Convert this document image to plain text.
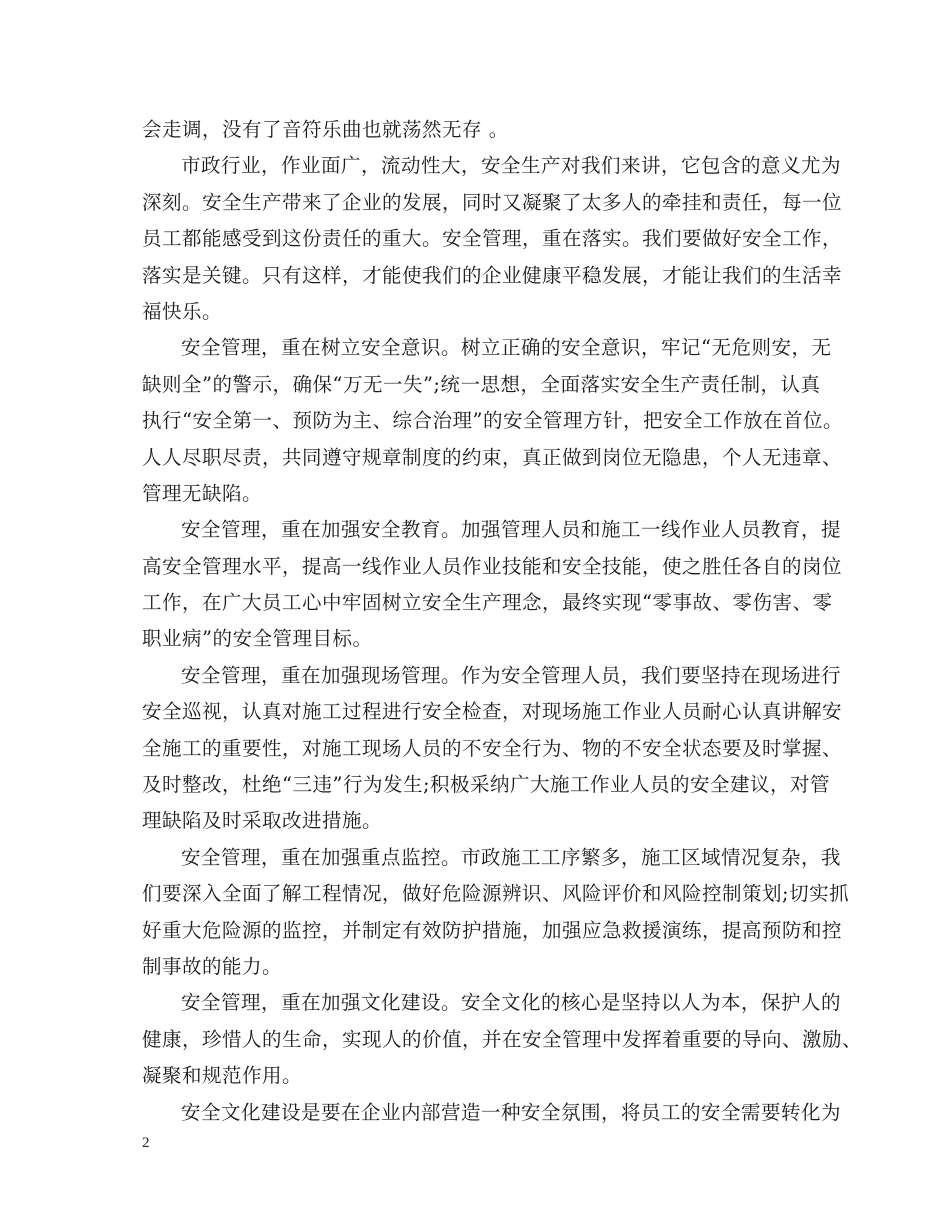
会走调，没有了音符乐曲也就荡然无存 。
市政行业，作业面广，流动性大，安全生产对我们来讲，它包含的意义尤为
深刻。安全生产带来了企业的发展，同时又凝聚了太多人的牵挂和责任，每一位
员工都能感受到这份责任的重大。安全管理，重在落实。我们要做好安全工作，
落实是关键。只有这样，才能使我们的企业健康平稳发展，才能让我们的生活幸
福快乐。
安全管理，重在树立安全意识。树立正确的安全意识，牢记“无危则安，无
缺则全”的警示，确保“万无一失”;统一思想，全面落实安全生产责任制，认真
执行“安全第一、预防为主、综合治理”的安全管理方针，把安全工作放在首位。
人人尽职尽责，共同遵守规章制度的约束，真正做到岗位无隐患，个人无违章、
管理无缺陷。
安全管理，重在加强安全教育。加强管理人员和施工一线作业人员教育，提
高安全管理水平，提高一线作业人员作业技能和安全技能，使之胜任各自的岗位
工作，在广大员工心中牢固树立安全生产理念，最终实现“零事故、零伤害、零
职业病”的安全管理目标。
安全管理，重在加强现场管理。作为安全管理人员，我们要坚持在现场进行
安全巡视，认真对施工过程进行安全检查，对现场施工作业人员耐心认真讲解安
全施工的重要性，对施工现场人员的不安全行为、物的不安全状态要及时掌握、
及时整改，杜绝“三违”行为发生;积极采纳广大施工作业人员的安全建议，对管
理缺陷及时采取改进措施。
安全管理，重在加强重点监控。市政施工工序繁多，施工区域情况复杂，我
们要深入全面了解工程情况，做好危险源辨识、风险评价和风险控制策划;切实抓
好重大危险源的监控，并制定有效防护措施，加强应急救援演练，提高预防和控
制事故的能力。
安全管理，重在加强文化建设。安全文化的核心是坚持以人为本，保护人的
健康，珍惜人的生命，实现人的价值，并在安全管理中发挥着重要的导向、激励、
凝聚和规范作用。
安全文化建设是要在企业内部营造一种安全氛围，将员工的安全需要转化为
2
